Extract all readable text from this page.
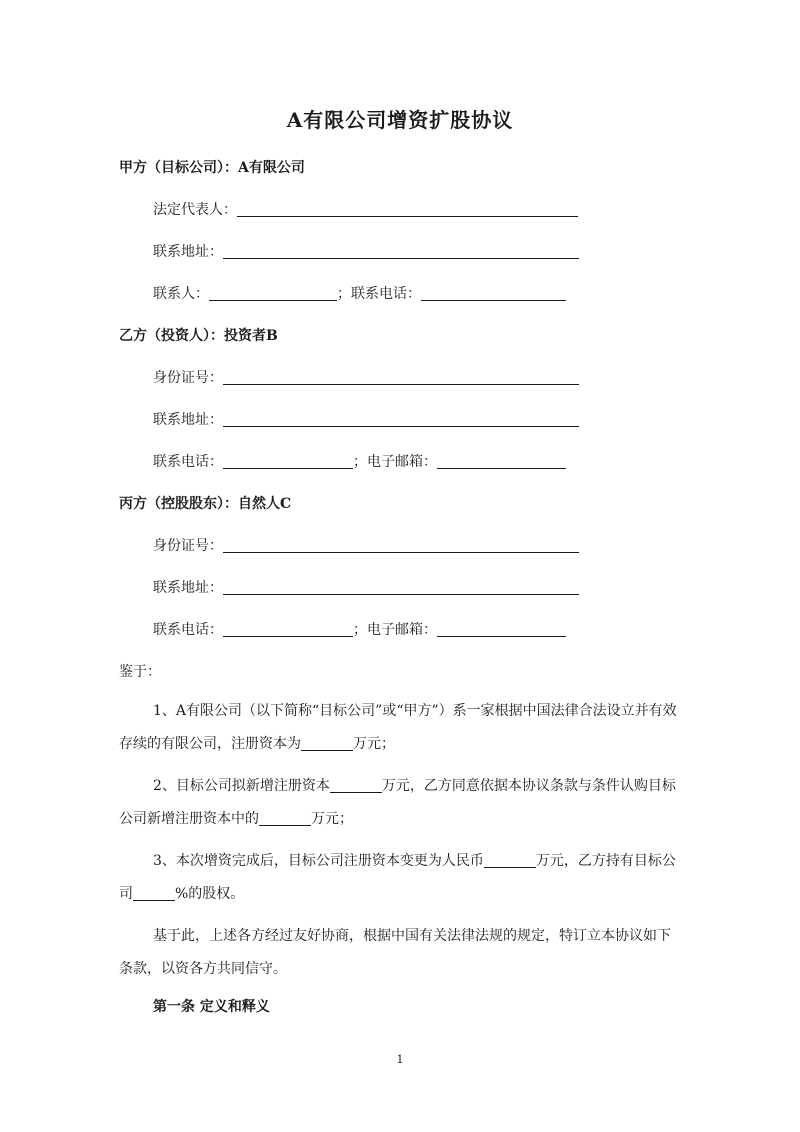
A有限公司增资扩股协议
甲方（目标公司）：A有限公司
法定代表人：
联系地址：
联系人：	；联系电话：
乙方（投资人）：投资者B
身份证号：
联系地址：
联系电话：	；电子邮箱：
丙方（控股股东）：自然人C
身份证号：
联系地址：
联系电话：	；电子邮箱：
鉴于：
1、A有限公司（以下简称“目标公司”或“甲方”）系一家根据中国法律合法设立并有效存续的有限公司，注册资本为	万元；
2、目标公司拟新增注册资本	万元，乙方同意依据本协议条款与条件认购目标公司新增注册资本中的	万元；
3、本次增资完成后，目标公司注册资本变更为人民币	万元，乙方持有目标公司	%的股权。
基于此，上述各方经过友好协商，根据中国有关法律法规的规定，特订立本协议如下条款，以资各方共同信守。
第一条 定义和释义
1
